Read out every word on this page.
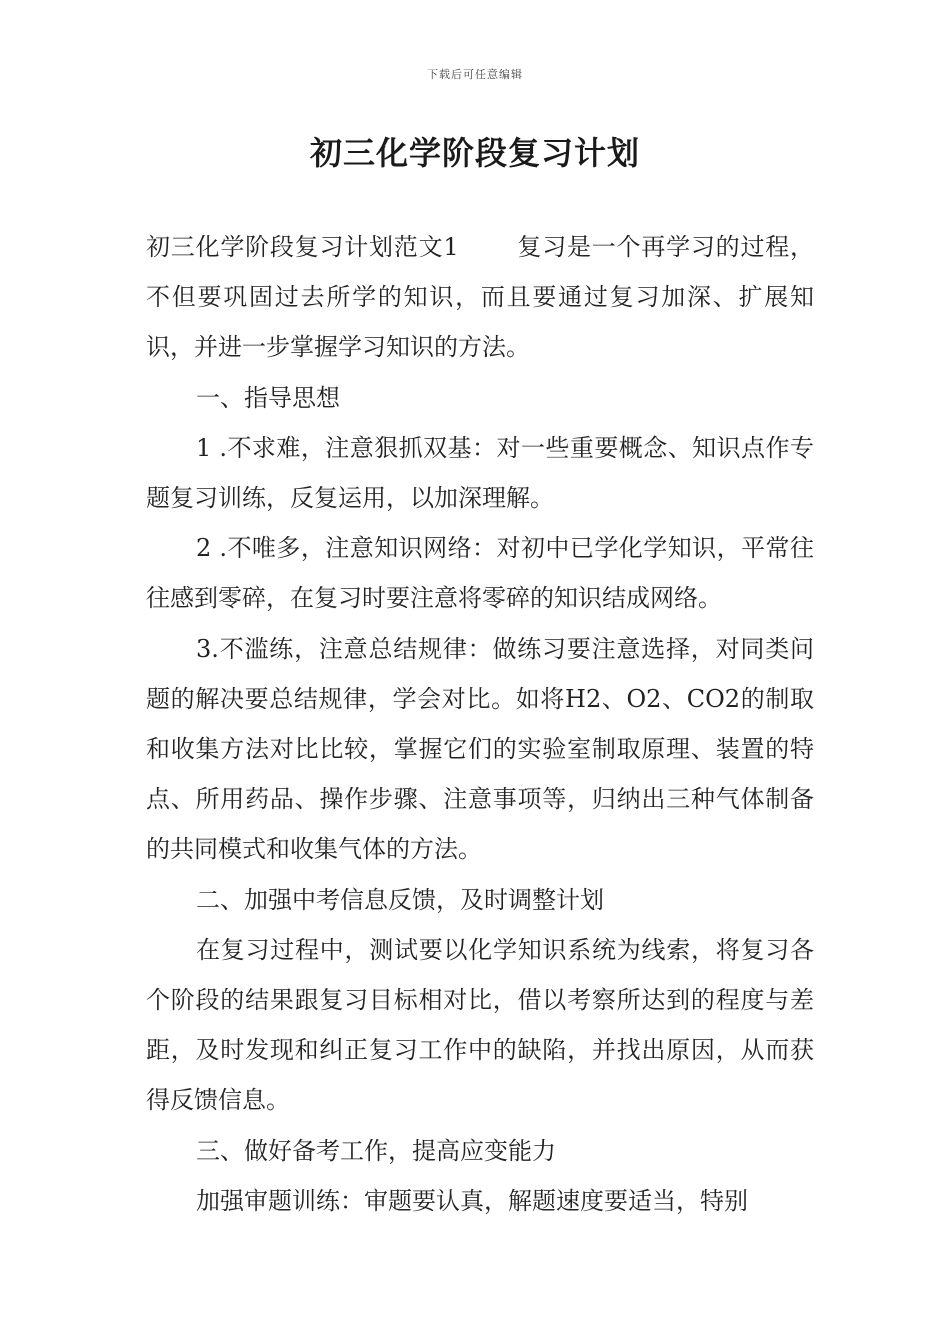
下载后可任意编辑
初三化学阶段复习计划

初三化学阶段复习计划范文1 复习是一个再学习的过程，不但要巩固过去所学的知识，而且要通过复习加深、扩展知识，并进一步掌握学习知识的方法。

一、指导思想

1 .不求难，注意狠抓双基：对一些重要概念、知识点作专题复习训练，反复运用，以加深理解。

2 .不唯多，注意知识网络：对初中已学化学知识，平常往往感到零碎，在复习时要注意将零碎的知识结成网络。

3.不滥练，注意总结规律：做练习要注意选择，对同类问题的解决要总结规律，学会对比。如将H2、O2、CO2的制取和收集方法对比比较，掌握它们的实验室制取原理、装置的特点、所用药品、操作步骤、注意事项等，归纳出三种气体制备的共同模式和收集气体的方法。

二、加强中考信息反馈，及时调整计划

在复习过程中，测试要以化学知识系统为线索，将复习各个阶段的结果跟复习目标相对比，借以考察所达到的程度与差距，及时发现和纠正复习工作中的缺陷，并找出原因，从而获得反馈信息。

三、做好备考工作，提高应变能力

加强审题训练：审题要认真，解题速度要适当，特别
